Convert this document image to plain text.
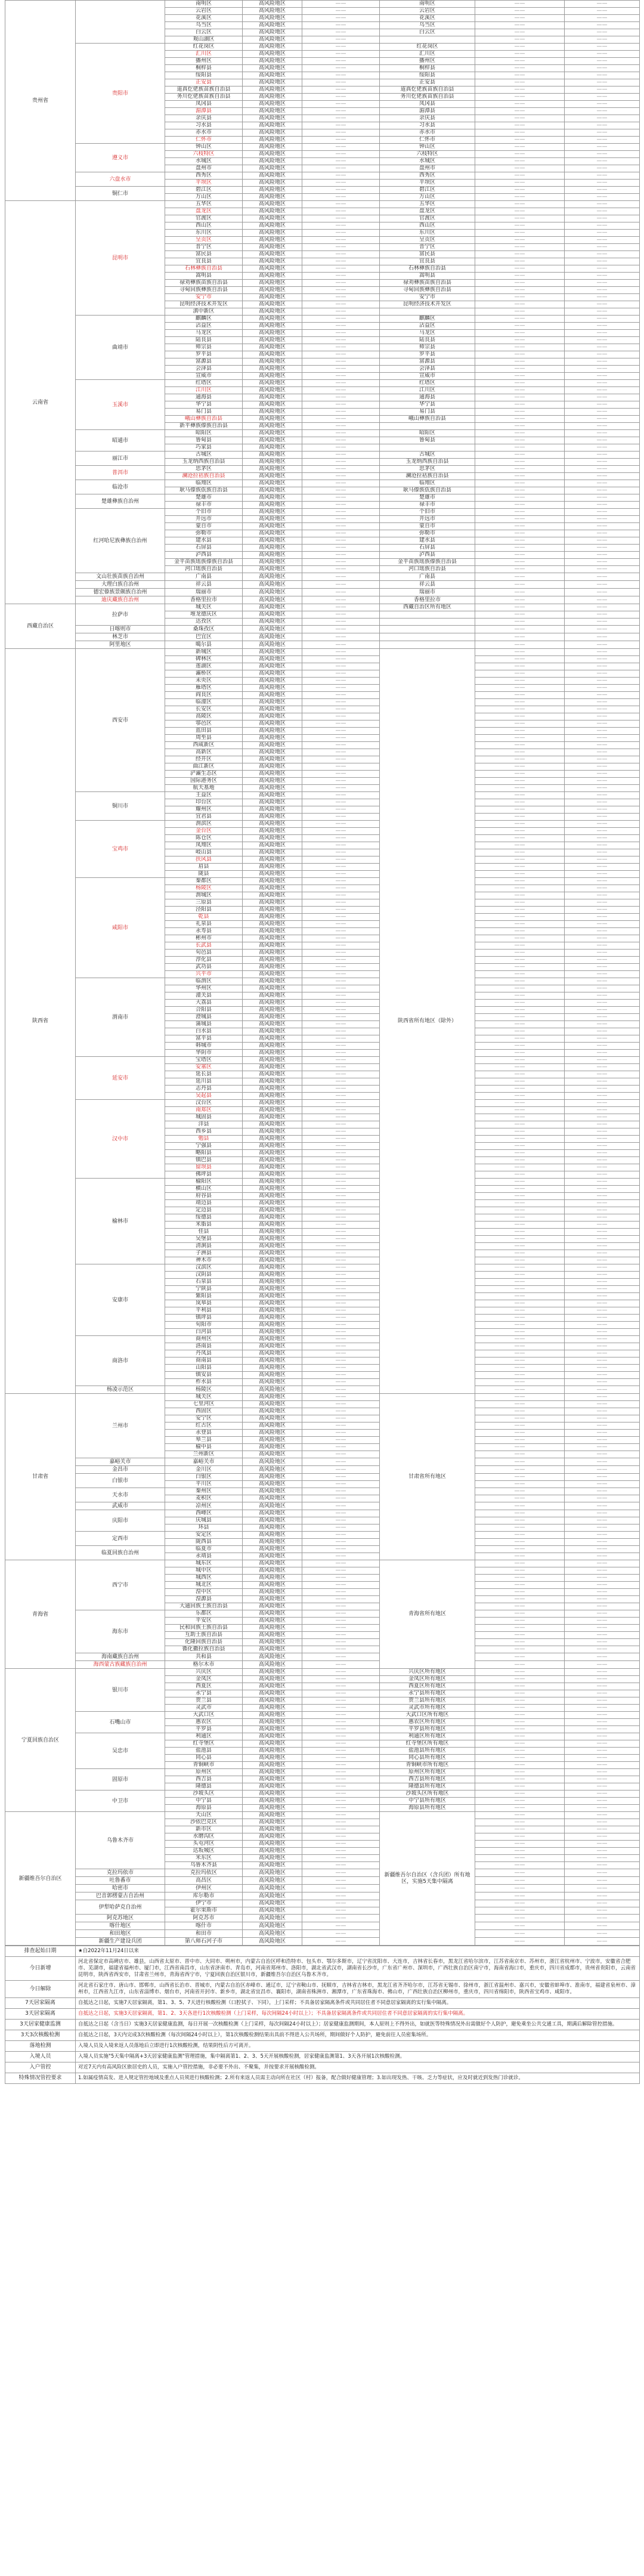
贵州省		南明区	高风险地区	——	南明区	——	——
		云岩区	高风险地区	——	云岩区	——	——
		花溪区	高风险地区	——	花溪区	——	——
		乌当区	高风险地区	——	乌当区	——	——
		白云区	高风险地区	——	白云区	——	——
		观山湖区	高风险地区	——		——	——
	贵阳市	红花岗区	高风险地区	——	红花岗区	——	——
		汇川区	高风险地区	——	汇川区	——	——
		播州区	高风险地区	——	播州区	——	——
		桐梓县	高风险地区	——	桐梓县	——	——
		绥阳县	高风险地区	——	绥阳县	——	——
		正安县	高风险地区	——	正安县	——	——
		道真仡佬族苗族自治县	高风险地区	——	道真仡佬族苗族自治县	——	——
		务川仡佬族苗族自治县	高风险地区	——	务川仡佬族苗族自治县	——	——
		凤冈县	高风险地区	——	凤冈县	——	——
		湄潭县	高风险地区	——	湄潭县	——	——
		余庆县	高风险地区	——	余庆县	——	——
		习水县	高风险地区	——	习水县	——	——
		赤水市	高风险地区	——	赤水市	——	——
		仁怀市	高风险地区	——	仁怀市	——	——
	遵义市	钟山区	高风险地区	——	钟山区	——	——
		六枝特区	高风险地区	——	六枝特区	——	——
		水城区	高风险地区	——	水城区	——	——
		盘州市	高风险地区	——	盘州市	——	——
	六盘水市	西秀区	高风险地区	——	西秀区	——	——
		平坝区	高风险地区	——	平坝区	——	——
	铜仁市	碧江区	高风险地区	——	碧江区	——	——
		万山区	高风险地区	——	万山区	——	——
云南省	昆明市	五华区	高风险地区	——	五华区	——	——
		盘龙区	高风险地区	——	盘龙区	——	——
		官渡区	高风险地区	——	官渡区	——	——
		西山区	高风险地区	——	西山区	——	——
		东川区	高风险地区	——	东川区	——	——
		呈贡区	高风险地区	——	呈贡区	——	——
		晋宁区	高风险地区	——	晋宁区	——	——
		富民县	高风险地区	——	富民县	——	——
		宜良县	高风险地区	——	宜良县	——	——
		石林彝族自治县	高风险地区	——	石林彝族自治县	——	——
		嵩明县	高风险地区	——	嵩明县	——	——
		禄劝彝族苗族自治县	高风险地区	——	禄劝彝族苗族自治县	——	——
		寻甸回族彝族自治县	高风险地区	——	寻甸回族彝族自治县	——	——
		安宁市	高风险地区	——	安宁市	——	——
		昆明经济技术开发区	高风险地区	——	昆明经济技术开发区	——	——
		滇中新区	高风险地区	——		——	——
	曲靖市	麒麟区	高风险地区	——	麒麟区	——	——
		沾益区	高风险地区	——	沾益区	——	——
		马龙区	高风险地区	——	马龙区	——	——
		陆良县	高风险地区	——	陆良县	——	——
		师宗县	高风险地区	——	师宗县	——	——
		罗平县	高风险地区	——	罗平县	——	——
		富源县	高风险地区	——	富源县	——	——
		会泽县	高风险地区	——	会泽县	——	——
		宣威市	高风险地区	——	宣威市	——	——
	玉溪市	红塔区	高风险地区	——	红塔区	——	——
		江川区	高风险地区	——	江川区	——	——
		通海县	高风险地区	——	通海县	——	——
		华宁县	高风险地区	——	华宁县	——	——
		易门县	高风险地区	——	易门县	——	——
		峨山彝族自治县	高风险地区	——	峨山彝族自治县	——	——
		新平彝族傣族自治县	高风险地区	——		——	——
	昭通市	昭阳区	高风险地区	——	昭阳区	——	——
		鲁甸县	高风险地区	——	鲁甸县	——	——
		巧家县	高风险地区	——		——	——
	丽江市	古城区	高风险地区	——	古城区	——	——
		玉龙纳西族自治县	高风险地区	——	玉龙纳西族自治县	——	——
	普洱市	思茅区	高风险地区	——	思茅区	——	——
		澜沧拉祜族自治县	高风险地区	——	澜沧拉祜族自治县	——	——
	临沧市	临翔区	高风险地区	——	临翔区	——	——
		耿马傣族佤族自治县	高风险地区	——	耿马傣族佤族自治县	——	——
	楚雄彝族自治州	楚雄市	高风险地区	——	楚雄市	——	——
		禄丰市	高风险地区	——	禄丰市	——	——
	红河哈尼族彝族自治州	个旧市	高风险地区	——	个旧市	——	——
		开远市	高风险地区	——	开远市	——	——
		蒙自市	高风险地区	——	蒙自市	——	——
		弥勒市	高风险地区	——	弥勒市	——	——
		建水县	高风险地区	——	建水县	——	——
		石屏县	高风险地区	——	石屏县	——	——
		泸西县	高风险地区	——	泸西县	——	——
		金平苗族瑶族傣族自治县	高风险地区	——	金平苗族瑶族傣族自治县	——	——
		河口瑶族自治县	高风险地区	——	河口瑶族自治县	——	——
	文山壮族苗族自治州	广南县	高风险地区	——	广南县	——	——
	大理白族自治州	祥云县	高风险地区	——	祥云县	——	——
	德宏傣族景颇族自治州	瑞丽市	高风险地区	——	瑞丽市	——	——
	迪庆藏族自治州	香格里拉市	高风险地区	——	香格里拉市	——	——
西藏自治区	拉萨市	城关区	高风险地区	——	西藏自治区所有地区	——	——
		堆龙德庆区	高风险地区	——		——	——
		达孜区	高风险地区	——		——	——
	日喀则市	桑珠孜区	高风险地区	——		——	——
	林芝市	巴宜区	高风险地区	——		——	——
	阿里地区	噶尔县	高风险地区	——		——	——
陕西省	西安市	新城区	高风险地区	——	陕西省所有地区（除外）	——	——
		碑林区	高风险地区	——		——	——
		莲湖区	高风险地区	——		——	——
		灞桥区	高风险地区	——		——	——
		未央区	高风险地区	——		——	——
		雁塔区	高风险地区	——		——	——
		阎良区	高风险地区	——		——	——
		临潼区	高风险地区	——		——	——
		长安区	高风险地区	——		——	——
		高陵区	高风险地区	——		——	——
		鄠邑区	高风险地区	——		——	——
		蓝田县	高风险地区	——		——	——
		周至县	高风险地区	——		——	——
		西咸新区	高风险地区	——		——	——
		高新区	高风险地区	——		——	——
		经开区	高风险地区	——		——	——
		曲江新区	高风险地区	——		——	——
		浐灞生态区	高风险地区	——		——	——
		国际港务区	高风险地区	——		——	——
		航天基地	高风险地区	——		——	——
	铜川市	王益区	高风险地区	——		——	——
		印台区	高风险地区	——		——	——
		耀州区	高风险地区	——		——	——
		宜君县	高风险地区	——		——	——
	宝鸡市	渭滨区	高风险地区	——		——	——
		金台区	高风险地区	——		——	——
		陈仓区	高风险地区	——		——	——
		凤翔区	高风险地区	——		——	——
		岐山县	高风险地区	——		——	——
		扶风县	高风险地区	——		——	——
		眉县	高风险地区	——		——	——
		陇县	高风险地区	——		——	——
	咸阳市	秦都区	高风险地区	——		——	——
		杨陵区	高风险地区	——		——	——
		渭城区	高风险地区	——		——	——
		三原县	高风险地区	——		——	——
		泾阳县	高风险地区	——		——	——
		乾县	高风险地区	——		——	——
		礼泉县	高风险地区	——		——	——
		永寿县	高风险地区	——		——	——
		彬州市	高风险地区	——		——	——
		长武县	高风险地区	——		——	——
		旬邑县	高风险地区	——		——	——
		淳化县	高风险地区	——		——	——
		武功县	高风险地区	——		——	——
		兴平市	高风险地区	——		——	——
	渭南市	临渭区	高风险地区	——		——	——
		华州区	高风险地区	——		——	——
		潼关县	高风险地区	——		——	——
		大荔县	高风险地区	——		——	——
		合阳县	高风险地区	——		——	——
		澄城县	高风险地区	——		——	——
		蒲城县	高风险地区	——		——	——
		白水县	高风险地区	——		——	——
		富平县	高风险地区	——		——	——
		韩城市	高风险地区	——		——	——
		华阴市	高风险地区	——		——	——
	延安市	宝塔区	高风险地区	——		——	——
		安塞区	高风险地区	——		——	——
		延长县	高风险地区	——		——	——
		延川县	高风险地区	——		——	——
		志丹县	高风险地区	——		——	——
		吴起县	高风险地区	——		——	——
	汉中市	汉台区	高风险地区	——		——	——
		南郑区	高风险地区	——		——	——
		城固县	高风险地区	——		——	——
		洋县	高风险地区	——		——	——
		西乡县	高风险地区	——		——	——
		勉县	高风险地区	——		——	——
		宁强县	高风险地区	——		——	——
		略阳县	高风险地区	——		——	——
		镇巴县	高风险地区	——		——	——
		留坝县	高风险地区	——		——	——
		佛坪县	高风险地区	——		——	——
	榆林市	榆阳区	高风险地区	——		——	——
		横山区	高风险地区	——		——	——
		府谷县	高风险地区	——		——	——
		靖边县	高风险地区	——		——	——
		定边县	高风险地区	——		——	——
		绥德县	高风险地区	——		——	——
		米脂县	高风险地区	——		——	——
		佳县	高风险地区	——		——	——
		吴堡县	高风险地区	——		——	——
		清涧县	高风险地区	——		——	——
		子洲县	高风险地区	——		——	——
		神木市	高风险地区	——		——	——
	安康市	汉滨区	高风险地区	——		——	——
		汉阴县	高风险地区	——		——	——
		石泉县	高风险地区	——		——	——
		宁陕县	高风险地区	——		——	——
		紫阳县	高风险地区	——		——	——
		岚皋县	高风险地区	——		——	——
		平利县	高风险地区	——		——	——
		镇坪县	高风险地区	——		——	——
		旬阳市	高风险地区	——		——	——
		白河县	高风险地区	——		——	——
	商洛市	商州区	高风险地区	——		——	——
		洛南县	高风险地区	——		——	——
		丹凤县	高风险地区	——		——	——
		商南县	高风险地区	——		——	——
		山阳县	高风险地区	——		——	——
		镇安县	高风险地区	——		——	——
		柞水县	高风险地区	——		——	——
	杨凌示范区	杨陵区	高风险地区	——		——	——
甘肃省	兰州市	城关区	高风险地区	——	甘肃省所有地区	——	——
		七里河区	高风险地区	——		——	——
		西固区	高风险地区	——		——	——
		安宁区	高风险地区	——		——	——
		红古区	高风险地区	——		——	——
		永登县	高风险地区	——		——	——
		皋兰县	高风险地区	——		——	——
		榆中县	高风险地区	——		——	——
		兰州新区	高风险地区	——		——	——
	嘉峪关市	嘉峪关市	高风险地区	——		——	——
	金昌市	金川区	高风险地区	——		——	——
	白银市	白银区	高风险地区	——		——	——
		平川区	高风险地区	——		——	——
	天水市	秦州区	高风险地区	——		——	——
		麦积区	高风险地区	——		——	——
	武威市	凉州区	高风险地区	——		——	——
	庆阳市	西峰区	高风险地区	——		——	——
		庆城县	高风险地区	——		——	——
		环县	高风险地区	——		——	——
	定西市	安定区	高风险地区	——		——	——
		陇西县	高风险地区	——		——	——
	临夏回族自治州	临夏市	高风险地区	——		——	——
		永靖县	高风险地区	——		——	——
青海省	西宁市	城东区	高风险地区	——	青海省所有地区	——	——
		城中区	高风险地区	——		——	——
		城西区	高风险地区	——		——	——
		城北区	高风险地区	——		——	——
		湟中区	高风险地区	——		——	——
		湟源县	高风险地区	——		——	——
		大通回族土族自治县	高风险地区	——		——	——
	海东市	乐都区	高风险地区	——		——	——
		平安区	高风险地区	——		——	——
		民和回族土族自治县	高风险地区	——		——	——
		互助土族自治县	高风险地区	——		——	——
		化隆回族自治县	高风险地区	——		——	——
		循化撒拉族自治县	高风险地区	——		——	——
	海南藏族自治州	共和县	高风险地区	——		——	——
	海西蒙古族藏族自治州	格尔木市	高风险地区	——		——	——
宁夏回族自治区	银川市	兴庆区	高风险地区	——	兴庆区所有地区	——	——
		金凤区	高风险地区	——	金凤区所有地区	——	——
		西夏区	高风险地区	——	西夏区所有地区	——	——
		永宁县	高风险地区	——	永宁县所有地区	——	——
		贺兰县	高风险地区	——	贺兰县所有地区	——	——
		灵武市	高风险地区	——	灵武市所有地区	——	——
	石嘴山市	大武口区	高风险地区	——	大武口区所有地区	——	——
		惠农区	高风险地区	——	惠农区所有地区	——	——
		平罗县	高风险地区	——	平罗县所有地区	——	——
	吴忠市	利通区	高风险地区	——	利通区所有地区	——	——
		红寺堡区	高风险地区	——	红寺堡区所有地区	——	——
		盐池县	高风险地区	——	盐池县所有地区	——	——
		同心县	高风险地区	——	同心县所有地区	——	——
		青铜峡市	高风险地区	——	青铜峡市所有地区	——	——
	固原市	原州区	高风险地区	——	原州区所有地区	——	——
		西吉县	高风险地区	——	西吉县所有地区	——	——
		隆德县	高风险地区	——	隆德县所有地区	——	——
	中卫市	沙坡头区	高风险地区	——	沙坡头区所有地区	——	——
		中宁县	高风险地区	——	中宁县所有地区	——	——
		海原县	高风险地区	——	海原县所有地区	——	——
新疆维吾尔自治区	乌鲁木齐市	天山区	高风险地区	——	新疆维吾尔自治区（含兵团）所有地区，实施5天集中隔离	——	——
		沙依巴克区	高风险地区	——		——	——
		新市区	高风险地区	——		——	——
		水磨沟区	高风险地区	——		——	——
		头屯河区	高风险地区	——		——	——
		达坂城区	高风险地区	——		——	——
		米东区	高风险地区	——		——	——
		乌鲁木齐县	高风险地区	——		——	——
	克拉玛依市	克拉玛依区	高风险地区	——		——	——
	吐鲁番市	高昌区	高风险地区	——		——	——
	哈密市	伊州区	高风险地区	——		——	——
	巴音郭楞蒙古自治州	库尔勒市	高风险地区	——		——	——
	伊犁哈萨克自治州	伊宁市	高风险地区	——		——	——
		霍尔果斯市	高风险地区	——		——	——
	阿克苏地区	阿克苏市	高风险地区	——		——	——
	喀什地区	喀什市	高风险地区	——		——	——
	和田地区	和田市	高风险地区	——		——	——
	新疆生产建设兵团	第八师石河子市	高风险地区	——		——	——
排查起始日期	★自2022年11月24日以来
今日新增	河北省保定市高碑店市、雄县，山西省太原市、晋中市、大同市、朔州市，内蒙古自治区呼和浩特市、包头市、鄂尔多斯市，辽宁省沈阳市、大连市，吉林省长春市，黑龙江省哈尔滨市，江苏省南京市、苏州市，浙江省杭州市、宁波市，安徽省合肥市、芜湖市，福建省福州市、厦门市，江西省南昌市，山东省济南市、青岛市，河南省郑州市、洛阳市，湖北省武汉市，湖南省长沙市，广东省广州市、深圳市，广西壮族自治区南宁市，海南省海口市，重庆市，四川省成都市，贵州省贵阳市，云南省昆明市，陕西省西安市，甘肃省兰州市，青海省西宁市，宁夏回族自治区银川市，新疆维吾尔自治区乌鲁木齐市。
今日解除	河北省石家庄市、唐山市、邯郸市，山西省长治市、晋城市，内蒙古自治区赤峰市、通辽市，辽宁省鞍山市、抚顺市，吉林省吉林市，黑龙江省齐齐哈尔市，江苏省无锡市、徐州市，浙江省温州市、嘉兴市，安徽省蚌埠市、淮南市，福建省泉州市、漳州市，江西省九江市，山东省淄博市、烟台市，河南省开封市、新乡市，湖北省宜昌市、襄阳市，湖南省株洲市、湘潭市，广东省珠海市、佛山市，广西壮族自治区柳州市，重庆市，四川省绵阳市，陕西省宝鸡市、咸阳市。
7天居家隔离	自抵达之日起，实施7天居家隔离，第1、3、5、7天进行核酸检测（口腔拭子、下同），上门采样；不具备居家隔离条件或共同居住者不同意居家隔离的实行集中隔离。
3天居家隔离	自抵达之日起，实施3天居家隔离，第1、2、3天各进行1次核酸检测（上门采样，每次间隔24小时以上）；不具备居家隔离条件或共同居住者不同意居家隔离的实行集中隔离。
3天居家健康监测	自抵达之日起（含当日）实施3天居家健康监测，每日开展一次核酸检测（上门采样，每次间隔24小时以上）；居家健康监测期间，本人原则上不得外出，如就医等特殊情况外出需做好个人防护，避免乘坐公共交通工具，期满后解除管控措施。
3天3次核酸检测	自抵达之日起，3天内完成3次核酸检测（每次间隔24小时以上），第1次核酸检测结果出具前不得进入公共场所，期间做好个人防护，避免前往人员密集场所。
落地检测	入境人员及入境来返人员落地后立即进行1次核酸检测，结果阴性后方可离开。
入境人员	入境人员实施"5天集中隔离+3天居家健康监测"管理措施，集中隔离第1、2、3、5天开展核酸检测，居家健康监测第1、3天各开展1次核酸检测。
入户管控	对近7天内有高风险区旅居史的人员，实施入户管控措施，非必要不外出、不聚集，并按要求开展核酸检测。
特殊情况管控要求	1.如属疫情高发、进入规定管控地域及重点人员须进行核酸检测；2.所有来返人员需主动向所在社区（村）报备，配合做好健康管理；3.如出现发热、干咳、乏力等症状，应及时就近到发热门诊就诊。
